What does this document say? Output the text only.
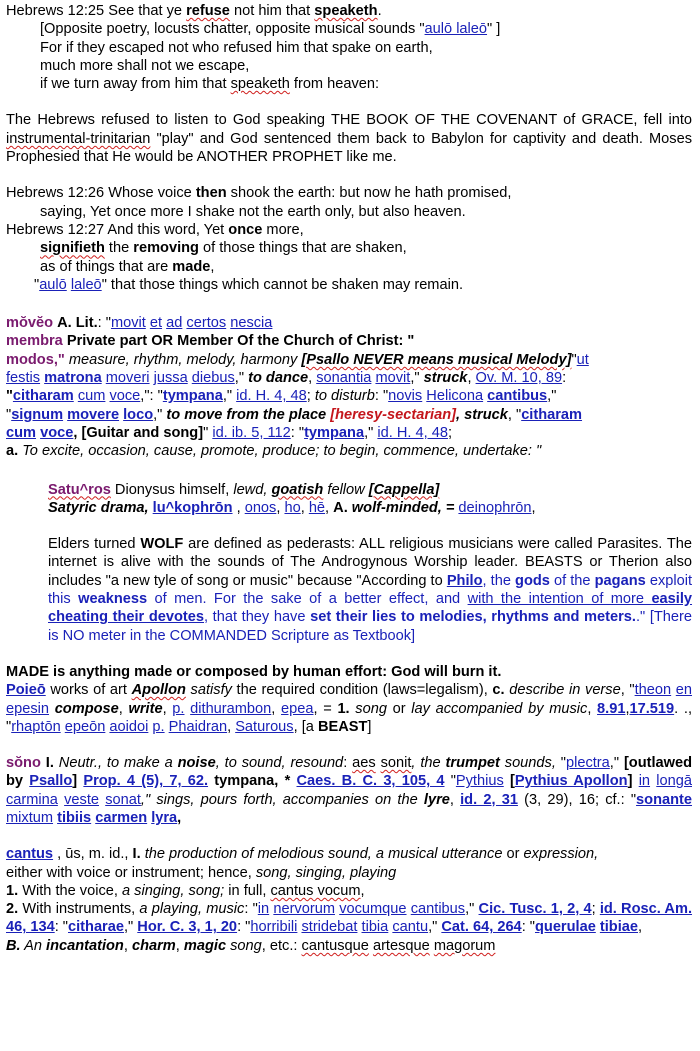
Hebrews 12:25 See that ye refuse not him that speaketh.

[Opposite poetry, locusts chatter, opposite musical sounds "aulō laleō" ]

For if they escaped not who refused him that spake on earth,

much more shall not we escape,

if we turn away from him that speaketh from heaven:

The Hebrews refused to listen to God speaking THE BOOK OF THE COVENANT of GRACE, fell into instrumental-trinitarian "play" and God sentenced them back to Babylon for captivity and death. Moses Prophesied that He would be ANOTHER PROPHET like me.

Hebrews 12:26 Whose voice then shook the earth: but now he hath promised,

saying, Yet once more I shake not the earth only, but also heaven.

Hebrews 12:27 And this word, Yet once more,

signifieth the removing of those things that are shaken,

as of things that are made,

"aulō laleō" that those things which cannot be shaken may remain.

mŏvĕo A. Lit.: "movit et ad certos nescia

membra Private part OR Member Of the Church of Christ: "

modos," measure, rhythm, melody, harmony [Psallo NEVER means musical Melody]"ut

festis matrona moveri jussa diebus," to dance, sonantia movit," struck, Ov. M. 10, 89:

"citharam cum voce,": "tympana," id. H. 4, 48; to disturb: "novis Helicona cantibus,"

"signum movere loco," to move from the place [heresy-sectarian], struck, "citharam

cum voce, [Guitar and song]" id. ib. 5, 112: "tympana," id. H. 4, 48;

a. To excite, occasion, cause, promote, produce; to begin, commence, undertake: "

Satu^ros Dionysus himself, lewd, goatish fellow [Cappella]

Satyric drama, lu^kophrōn , onos, ho, hē, A. wolf-minded, = deinophrōn,

Elders turned WOLF are defined as pederasts: ALL religious musicians were called Parasites. The internet is alive with the sounds of The Androgynous Worship leader. BEASTS or Therion also includes "a new tyle of song or music" because "According to Philo, the gods of the pagans exploit this weakness of men. For the sake of a better effect, and with the intention of more easily cheating their devotes, that they have set their lies to melodies, rhythms and meters.." [There is NO meter in the COMMANDED Scripture as Textbook]

MADE is anything made or composed by human effort: God will burn it.

Poieō works of art Apollon satisfy the required condition (laws=legalism), c. describe in verse, "theon en epesin compose, write, p. dithurambon, epea, = 1. song or lay accompanied by music, 8.91,17.519. ., "rhaptōn epeōn aoidoi p. Phaidran, Saturous, [a BEAST]

sŏno I. Neutr., to make a noise, to sound, resound: aes sonit, the trumpet sounds, "plectra," [outlawed by Psallo] Prop. 4 (5), 7, 62. tympana, * Caes. B. C. 3, 105, 4 "Pythius [Pythius Apollon] in longā carmina veste sonat," sings, pours forth, accompanies on the lyre, id. 2, 31 (3, 29), 16; cf.: "sonante mixtum tibiis carmen lyra,

cantus , ūs, m. id., I. the production of melodious sound, a musical utterance or expression,

either with voice or instrument; hence, song, singing, playing

1. With the voice, a singing, song; in full, cantus vocum,

2. With instruments, a playing, music: "in nervorum vocumque cantibus," Cic. Tusc. 1, 2, 4; id. Rosc. Am. 46, 134: "citharae," Hor. C. 3, 1, 20: "horribili stridebat tibia cantu," Cat. 64, 264: "querulae tibiae,

B. An incantation, charm, magic song, etc.: cantusque artesque magorum
